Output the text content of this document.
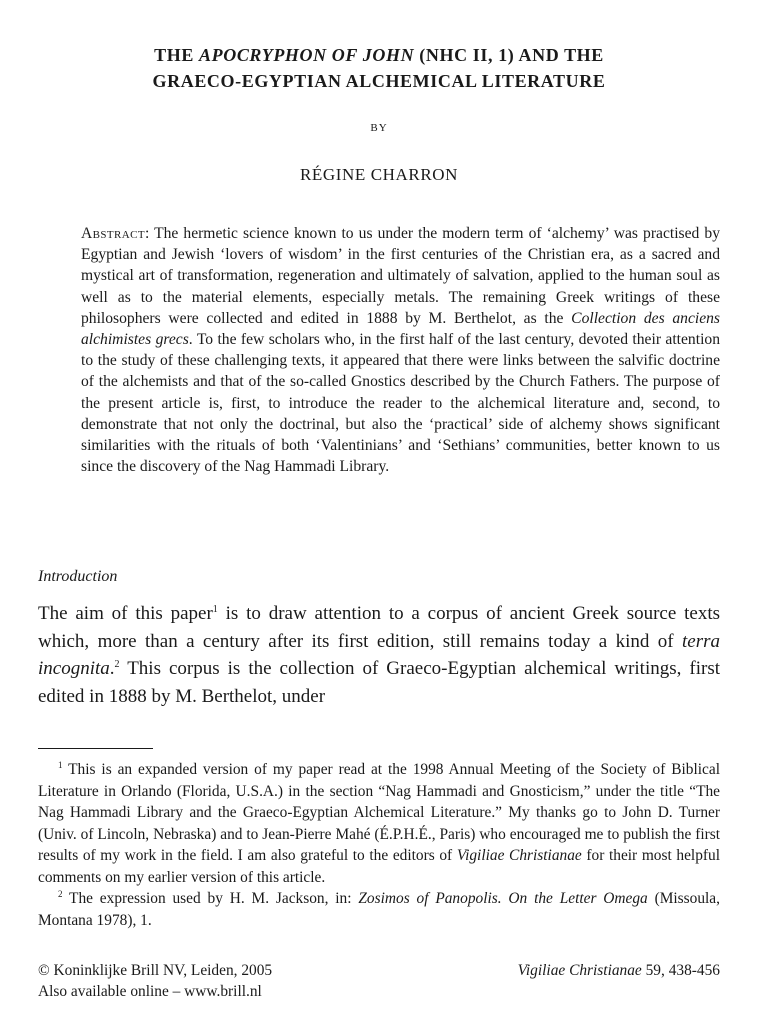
THE APOCRYPHON OF JOHN (NHC II, 1) AND THE
GRAECO-EGYPTIAN ALCHEMICAL LITERATURE
BY
RÉGINE CHARRON

Abstract: The hermetic science known to us under the modern term of ‘alchemy’ was practised by Egyptian and Jewish ‘lovers of wisdom’ in the first centuries of the Christian era, as a sacred and mystical art of transformation, regeneration and ultimately of salvation, applied to the human soul as well as to the material elements, especially metals. The remaining Greek writings of these philosophers were collected and edited in 1888 by M. Berthelot, as the Collection des anciens alchimistes grecs. To the few scholars who, in the first half of the last century, devoted their attention to the study of these challenging texts, it appeared that there were links between the salvific doctrine of the alchemists and that of the so-called Gnostics described by the Church Fathers. The purpose of the present article is, first, to introduce the reader to the alchemical literature and, second, to demonstrate that not only the doctrinal, but also the ‘practical’ side of alchemy shows significant similarities with the rituals of both ‘Valentinians’ and ‘Sethians’ communities, better known to us since the discovery of the Nag Hammadi Library.

Introduction

The aim of this paper$^1$ is to draw attention to a corpus of ancient Greek source texts which, more than a century after its first edition, still remains today a kind of terra incognita.$^2$ This corpus is the collection of Graeco-Egyptian alchemical writings, first edited in 1888 by M. Berthelot, under

$^1$ This is an expanded version of my paper read at the 1998 Annual Meeting of the Society of Biblical Literature in Orlando (Florida, U.S.A.) in the section “Nag Hammadi and Gnosticism,” under the title “The Nag Hammadi Library and the Graeco-Egyptian Alchemical Literature.” My thanks go to John D. Turner (Univ. of Lincoln, Nebraska) and to Jean-Pierre Mahé (É.P.H.É., Paris) who encouraged me to publish the first results of my work in the field. I am also grateful to the editors of Vigiliae Christianae for their most helpful comments on my earlier version of this article.

$^2$ The expression used by H. M. Jackson, in: Zosimos of Panopolis. On the Letter Omega (Missoula, Montana 1978), 1.

© Koninklijke Brill NV, Leiden, 2005
Also available online – www.brill.nl
Vigiliae Christianae 59, 438-456
